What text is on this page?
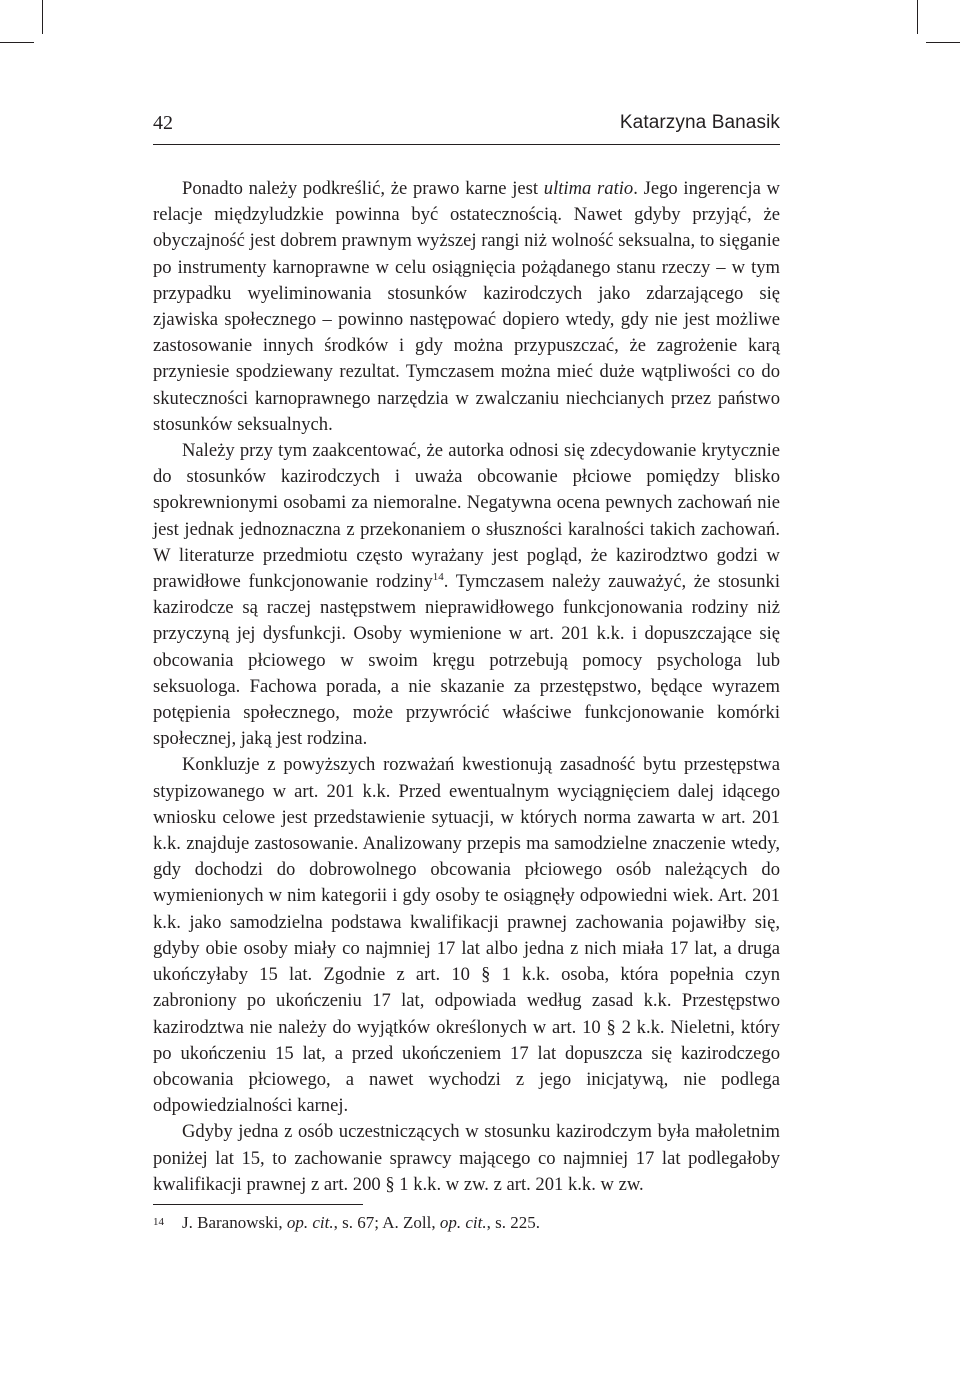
42	Katarzyna Banasik

Ponadto należy podkreślić, że prawo karne jest ultima ratio. Jego ingerencja w relacje międzyludzkie powinna być ostatecznością. Nawet gdyby przyjąć, że obyczajność jest dobrem prawnym wyższej rangi niż wolność seksualna, to sięganie po instrumenty karnoprawne w celu osiągnięcia pożądanego stanu rzeczy – w tym przypadku wyeliminowania stosunków kazirodczych jako zdarzającego się zjawiska społecznego – powinno następować dopiero wtedy, gdy nie jest możliwe zastosowanie innych środków i gdy można przypuszczać, że zagrożenie karą przyniesie spodziewany rezultat. Tymczasem można mieć duże wątpliwości co do skuteczności karnoprawnego narzędzia w zwalczaniu niechcianych przez państwo stosunków seksualnych.

Należy przy tym zaakcentować, że autorka odnosi się zdecydowanie krytycznie do stosunków kazirodczych i uważa obcowanie płciowe pomiędzy blisko spokrewnionymi osobami za niemoralne. Negatywna ocena pewnych zachowań nie jest jednak jednoznaczna z przekonaniem o słuszności karalności takich zachowań. W literaturze przedmiotu często wyrażany jest pogląd, że kazirodztwo godzi w prawidłowe funkcjonowanie rodziny$^{14}$. Tymczasem należy zauważyć, że stosunki kazirodcze są raczej następstwem nieprawidłowego funkcjonowania rodziny niż przyczyną jej dysfunkcji. Osoby wymienione w art. 201 k.k. i dopuszczające się obcowania płciowego w swoim kręgu potrzebują pomocy psychologa lub seksuologa. Fachowa porada, a nie skazanie za przestępstwo, będące wyrazem potępienia społecznego, może przywrócić właściwe funkcjonowanie komórki społecznej, jaką jest rodzina.

Konkluzje z powyższych rozważań kwestionują zasadność bytu przestępstwa stypizowanego w art. 201 k.k. Przed ewentualnym wyciągnięciem dalej idącego wniosku celowe jest przedstawienie sytuacji, w których norma zawarta w art. 201 k.k. znajduje zastosowanie. Analizowany przepis ma samodzielne znaczenie wtedy, gdy dochodzi do dobrowolnego obcowania płciowego osób należących do wymienionych w nim kategorii i gdy osoby te osiągnęły odpowiedni wiek. Art. 201 k.k. jako samodzielna podstawa kwalifikacji prawnej zachowania pojawiłby się, gdyby obie osoby miały co najmniej 17 lat albo jedna z nich miała 17 lat, a druga ukończyłaby 15 lat. Zgodnie z art. 10 § 1 k.k. osoba, która popełnia czyn zabroniony po ukończeniu 17 lat, odpowiada według zasad k.k. Przestępstwo kazirodztwa nie należy do wyjątków określonych w art. 10 § 2 k.k. Nieletni, który po ukończeniu 15 lat, a przed ukończeniem 17 lat dopuszcza się kazirodczego obcowania płciowego, a nawet wychodzi z jego inicjatywą, nie podlega odpowiedzialności karnej.

Gdyby jedna z osób uczestniczących w stosunku kazirodczym była małoletnim poniżej lat 15, to zachowanie sprawcy mającego co najmniej 17 lat podlegałoby kwalifikacji prawnej z art. 200 § 1 k.k. w zw. z art. 201 k.k. w zw.

14 J. Baranowski, op. cit., s. 67; A. Zoll, op. cit., s. 225.
